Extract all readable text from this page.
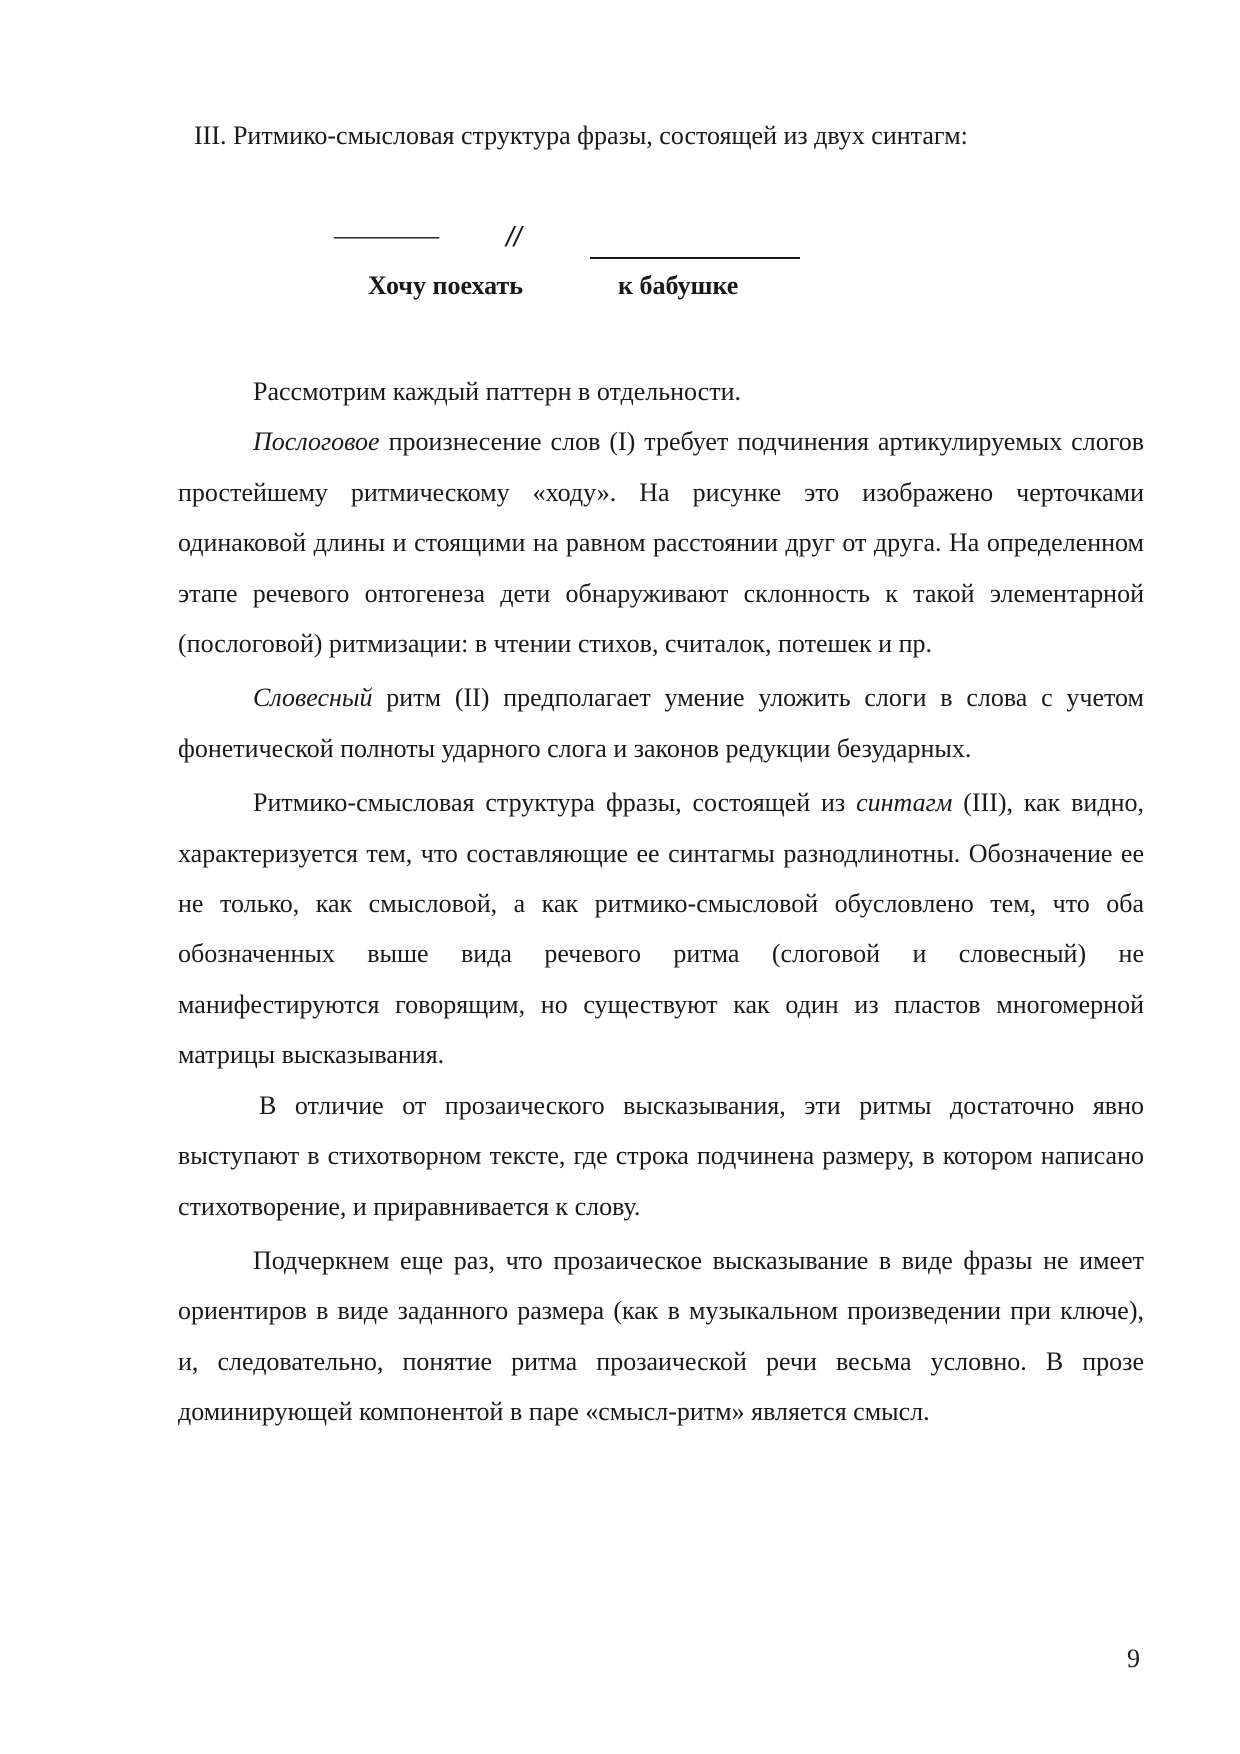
III. Ритмико-смысловая структура фразы, состоящей из двух синтагм:
________ //
Хочу поехать	к бабушке

Рассмотрим каждый паттерн в отдельности.

Послоговое произнесение слов (I) требует подчинения артикулируемых слогов простейшему ритмическому «ходу». На рисунке это изображено черточками одинаковой длины и стоящими на равном расстоянии друг от друга. На определенном этапе речевого онтогенеза дети обнаруживают склонность к такой элементарной (послоговой) ритмизации: в чтении стихов, считалок, потешек и пр.

Словесный ритм (II) предполагает умение уложить слоги в слова с учетом фонетической полноты ударного слога и законов редукции безударных.

Ритмико-смысловая структура фразы, состоящей из синтагм (III), как видно, характеризуется тем, что составляющие ее синтагмы разнодлинотны. Обозначение ее не только, как смысловой, а как ритмико-смысловой обусловлено тем, что оба обозначенных выше вида речевого ритма (слоговой и словесный) не манифестируются говорящим, но существуют как один из пластов многомерной матрицы высказывания.

В отличие от прозаического высказывания, эти ритмы достаточно явно выступают в стихотворном тексте, где строка подчинена размеру, в котором написано стихотворение, и приравнивается к слову.

Подчеркнем еще раз, что прозаическое высказывание в виде фразы не имеет ориентиров в виде заданного размера (как в музыкальном произведении при ключе), и, следовательно, понятие ритма прозаической речи весьма условно. В прозе доминирующей компонентой в паре «смысл-ритм» является смысл.

9
